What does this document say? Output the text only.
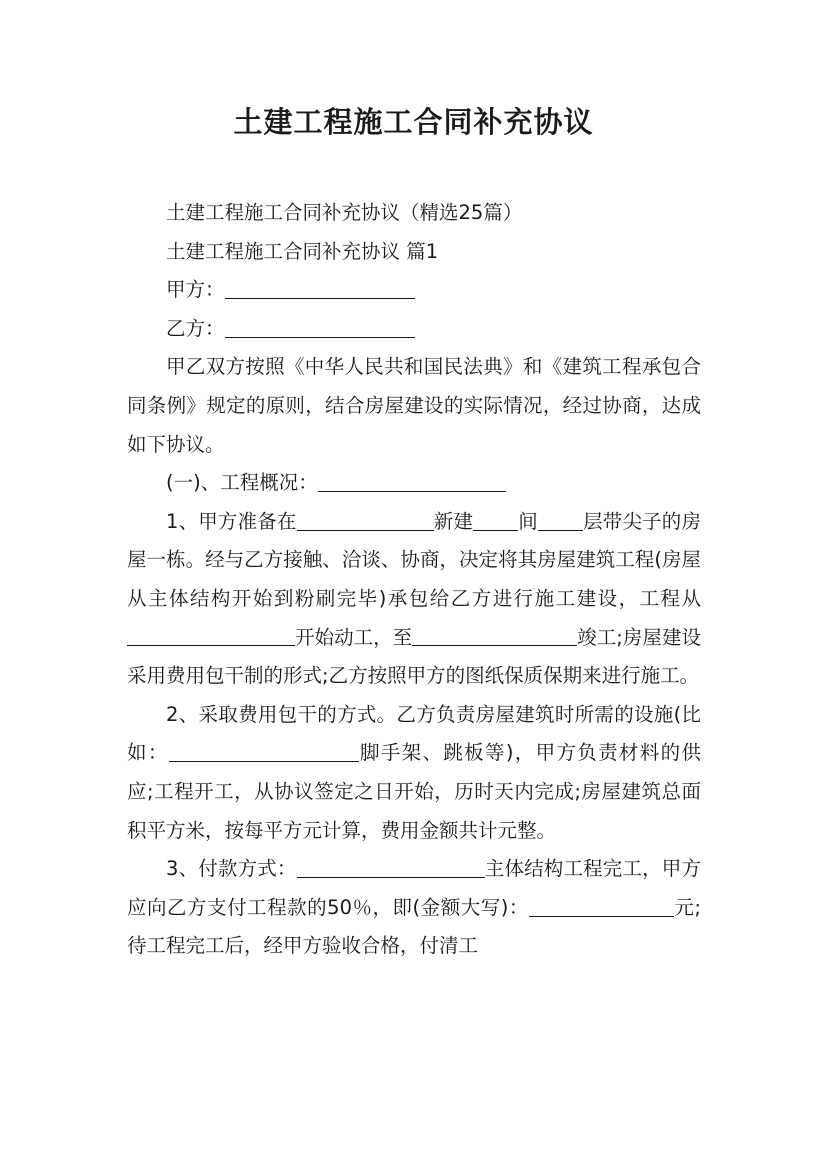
土建工程施工合同补充协议

土建工程施工合同补充协议（精选25篇）

土建工程施工合同补充协议 篇1

甲方：

乙方：

甲乙双方按照《中华人民共和国民法典》和《建筑工程承包合同条例》规定的原则，结合房屋建设的实际情况，经过协商，达成如下协议。

(一)、工程概况：

1、甲方准备在	新建 间 层带尖子的房屋一栋。经与乙方接触、洽谈、协商，决定将其房屋建筑工程(房屋从主体结构开始到粉刷完毕)承包给乙方进行施工建设，工程从开始动工，至	竣工;房屋建设采用费用包干制的形式;乙方按照甲方的图纸保质保期来进行施工。

2、采取费用包干的方式。乙方负责房屋建筑时所需的设施(比如：	脚手架、跳板等)，甲方负责材料的供应;工程开工，从协议签定之日开始，历时天内完成;房屋建筑总面积平方米，按每平方元计算，费用金额共计元整。

3、付款方式：	主体结构工程完工，甲方应向乙方支付工程款的50％，即(金额大写)：	元;待工程完工后，经甲方验收合格，付清工
